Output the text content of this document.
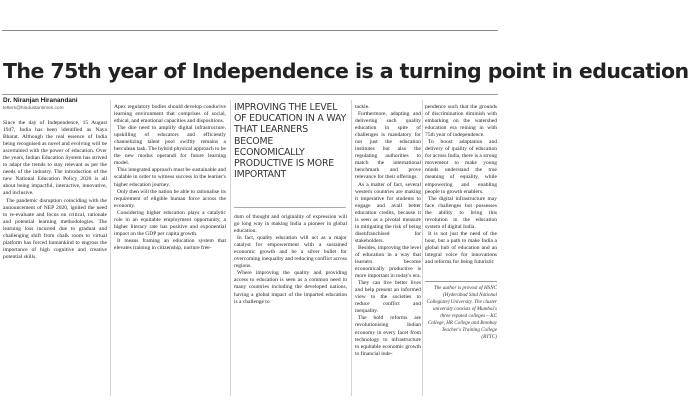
The 75th year of Independence is a turning point in education
Dr. Niranjan Hiranandani
letters@hindustantimes.com

Since the day of Independence, 15 August 1947, India has been identified as Naya Bharat. Although the real essence of India being recognised as novel and evolving will be ascertained with the power of education. Over the years, Indian Education System has strived to adapt the trends to stay relevant as per the needs of the industry. The introduction of the new National Education Policy 2020 is all about being impactful, interactive, innovative, and inclusive.

The pandemic disruption coinciding with the announcement of NEP 2020, ignited the need to re-evaluate and focus on critical, rationale and potential learning methodologies. The learning loss incurred due to gradual and challenging shift from chalk room to virtual platform has forced humankind to engross the importance of high cognitive and creative potential skills.

Apex regulatory bodies should develop conducive learning environment that comprises of social, ethical, and emotional capacities and dispositions.

The dire need to amplify digital infrastructure, upskilling of educators and efficiently channelizing talent pool swiftly remains a herculean task. The hybrid physical approach to be the new modus operandi for future learning model.

This integrated approach must be sustainable and scalable in order to witness success in the learner's higher education journey.

Only then will the nation be able to rationalise its requirement of eligible human force across the economy.

Considering higher education plays a catalytic role in an equitable employment opportunity, a higher literacy rate has positive and exponential impact on the GDP per capita growth.

It means framing an education system that elevates training in citizenship, nurture free-

IMPROVING THE LEVEL OF EDUCATION IN A WAY THAT LEARNERS BECOME ECONOMICALLY PRODUCTIVE IS MORE IMPORTANT

dom of thought and originality of expression will go long way in making India a pioneer in global education.

In fact, quality education will act as a major catalyst for empowerment with a sustained economic growth and be a silver bullet for overcoming inequality and reducing conflict across regions.

Where improving the quality and providing access to education is seen as a common need in many countries including the developed nations, having a global impact of the imparted education is a challenge to

tackle.

Furthermore, adapting and delivering such quality education in spite of challenges is mandatory for not just the education institutes but also the regulating authorities to match the international benchmark and prove relevance for their offerings.

As a matter of fact, several western countries are making it imperative for students to engage and avail better education credits, because it is seen as a pivotal measure in mitigating the risk of being disenfranchised for stakeholders.

Besides, improving the level of education in a way that learners become economically productive is more important in today's era.

They can live better lives and help present an informed view to the societies to reduce conflict and inequality.

The bold reforms are revolutionising Indian economy in every facet from technology to infrastructure to equitable economic growth to financial inde-

pendence such that the grounds of discrimination diminish with embarking on the watershed education era reining in with 75th year of independence.

To boost adaptation and delivery of quality of education for across India, there is a strong movement to make young minds understand the true meaning of equality, while empowering and enabling people to growth enablers.

The digital infrastructure may face challenges but possesses the ability to bring this revolution in the education system of digital India.

It is not just the need of the hour, but a path to make India a global hub of education and an integral voice for innovations and reforms for being futuristic

The author is provost of HSNC (Hyderabad Sind National Collegiate) University. The cluster university consists of Mumbai's three reputed colleges – KC College, HR College and Bombay Teacher's Training College (BTTC)
